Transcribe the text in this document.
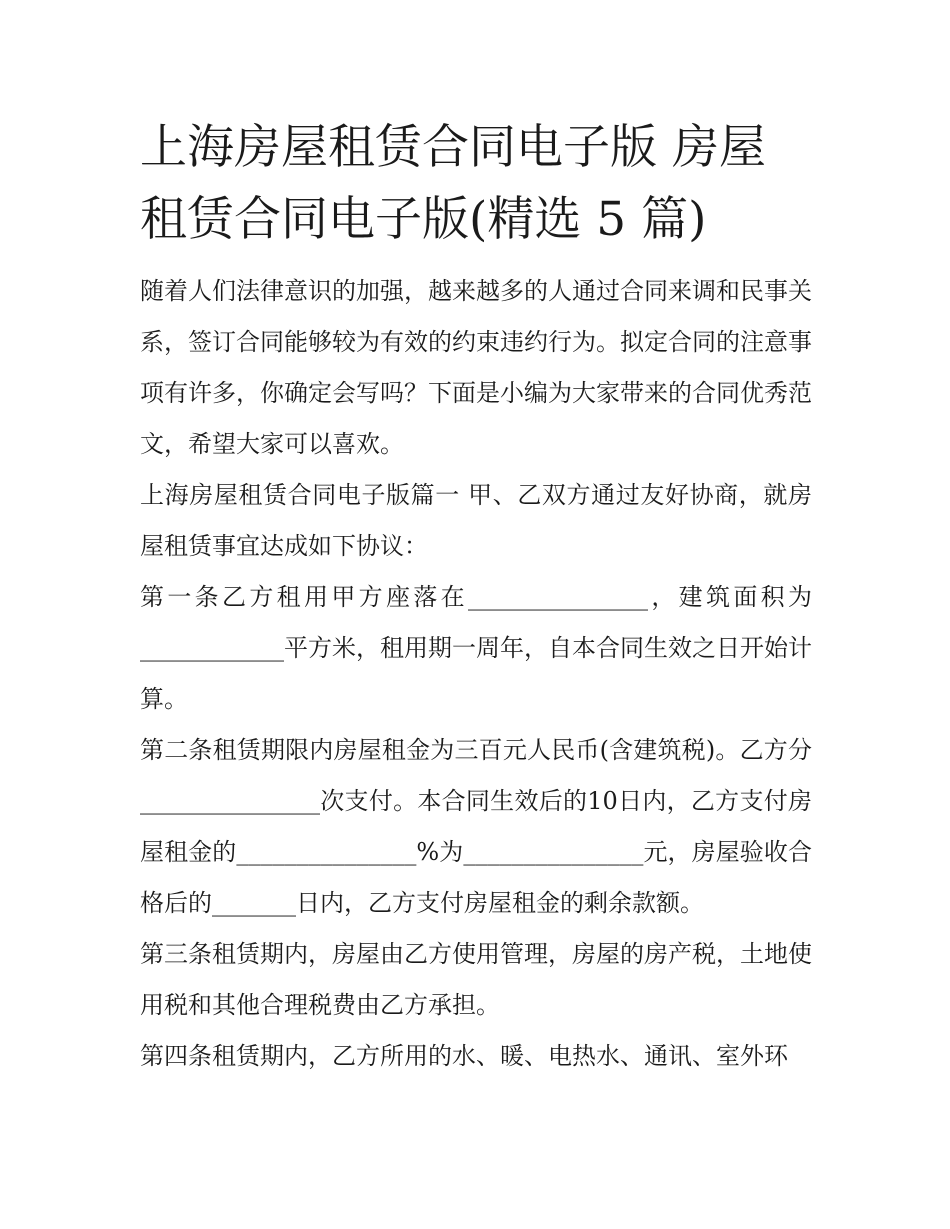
上海房屋租赁合同电子版 房屋租赁合同电子版(精选 5 篇)

随着人们法律意识的加强，越来越多的人通过合同来调和民事关系，签订合同能够较为有效的约束违约行为。拟定合同的注意事项有许多，你确定会写吗？下面是小编为大家带来的合同优秀范文，希望大家可以喜欢。

上海房屋租赁合同电子版篇一 甲、乙双方通过友好协商，就房屋租赁事宜达成如下协议：

第一条乙方租用甲方座落在_______________，建筑面积为____________平方米，租用期一周年，自本合同生效之日开始计算。

第二条租赁期限内房屋租金为三百元人民币(含建筑税)。乙方分_______________次支付。本合同生效后的10日内，乙方支付房屋租金的_______________%为_______________元，房屋验收合格后的_______日内，乙方支付房屋租金的剩余款额。

第三条租赁期内，房屋由乙方使用管理，房屋的房产税，土地使用税和其他合理税费由乙方承担。

第四条租赁期内，乙方所用的水、暖、电热水、通讯、室外环
